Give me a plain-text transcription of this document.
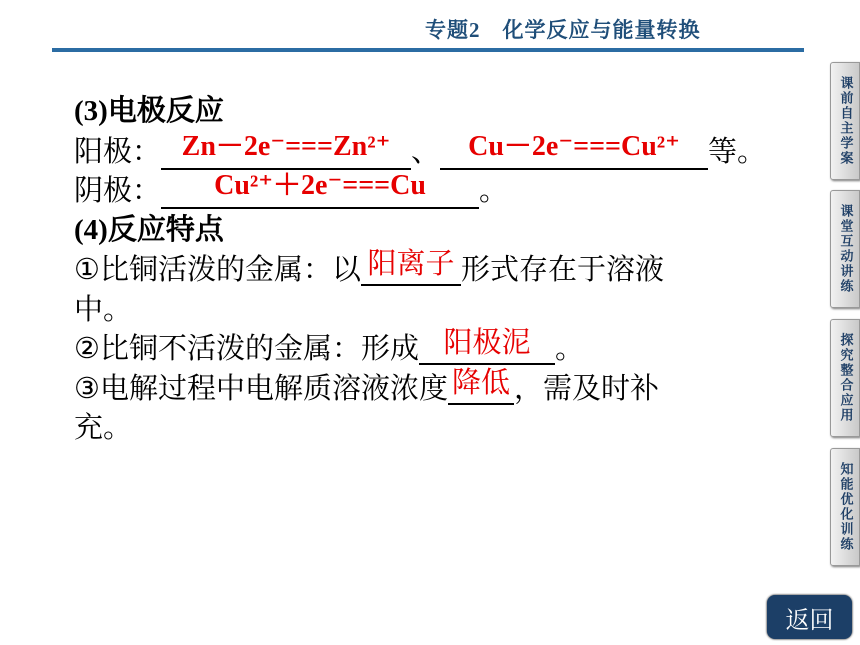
专题2　化学反应与能量转换
(3)电极反应
阳极： Zn－2e⁻===Zn²⁺ 、 Cu－2e⁻===Cu²⁺ 等。
阴极： Cu²⁺＋2e⁻===Cu 。
(4)反应特点
①比铜活泼的金属：以 阳离子 形式存在于溶液
中。
②比铜不活泼的金属：形成 阳极泥 。
③电解过程中电解质溶液浓度 降低 ，需及时补
充。
课前自主学案
课堂互动讲练
探究整合应用
知能优化训练
返回
